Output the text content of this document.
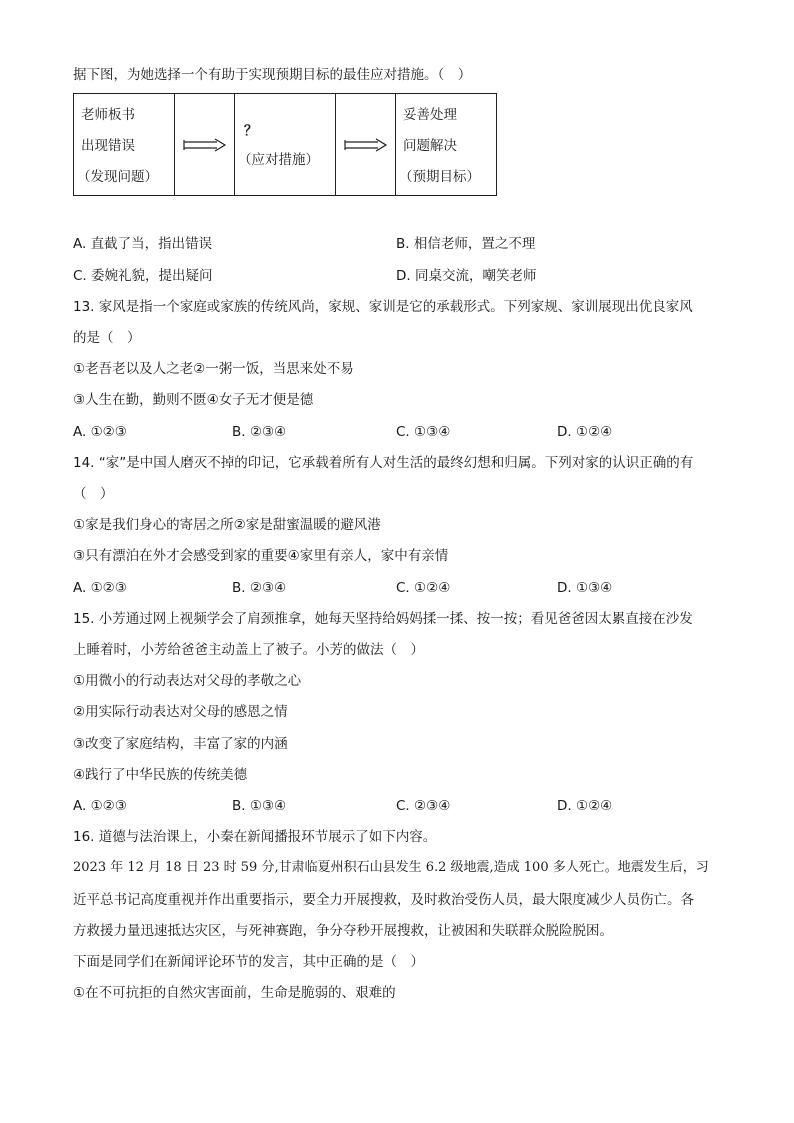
据下图，为她选择一个有助于实现预期目标的最佳应对措施。（　）
老师板书
出现错误
（发现问题）
？
（应对措施）
妥善处理
问题解决
（预期目标）
A. 直截了当，指出错误	B. 相信老师，置之不理
C. 委婉礼貌，提出疑问	D. 同桌交流，嘲笑老师
13. 家风是指一个家庭或家族的传统风尚，家规、家训是它的承载形式。下列家规、家训展现出优良家风
的是（　）
①老吾老以及人之老②一粥一饭，当思来处不易
③人生在勤，勤则不匮④女子无才便是德
A. ①②③	B. ②③④	C. ①③④	D. ①②④
14. “家”是中国人磨灭不掉的印记，它承载着所有人对生活的最终幻想和归属。下列对家的认识正确的有
（　）
①家是我们身心的寄居之所②家是甜蜜温暖的避风港
③只有漂泊在外才会感受到家的重要④家里有亲人，家中有亲情
A. ①②③	B. ②③④	C. ①②④	D. ①③④
15. 小芳通过网上视频学会了肩颈推拿，她每天坚持给妈妈揉一揉、按一按；看见爸爸因太累直接在沙发
上睡着时，小芳给爸爸主动盖上了被子。小芳的做法（　）
①用微小的行动表达对父母的孝敬之心
②用实际行动表达对父母的感恩之情
③改变了家庭结构，丰富了家的内涵
④践行了中华民族的传统美德
A. ①②③	B. ①③④	C. ②③④	D. ①②④
16. 道德与法治课上，小秦在新闻播报环节展示了如下内容。
2023 年 12 月 18 日 23 时 59 分,甘肃临夏州积石山县发生 6.2 级地震,造成 100 多人死亡。地震发生后，习
近平总书记高度重视并作出重要指示，要全力开展搜救，及时救治受伤人员，最大限度减少人员伤亡。各
方救援力量迅速抵达灾区，与死神赛跑，争分夺秒开展搜救，让被困和失联群众脱险脱困。
下面是同学们在新闻评论环节的发言，其中正确的是（　）
①在不可抗拒的自然灾害面前，生命是脆弱的、艰难的
